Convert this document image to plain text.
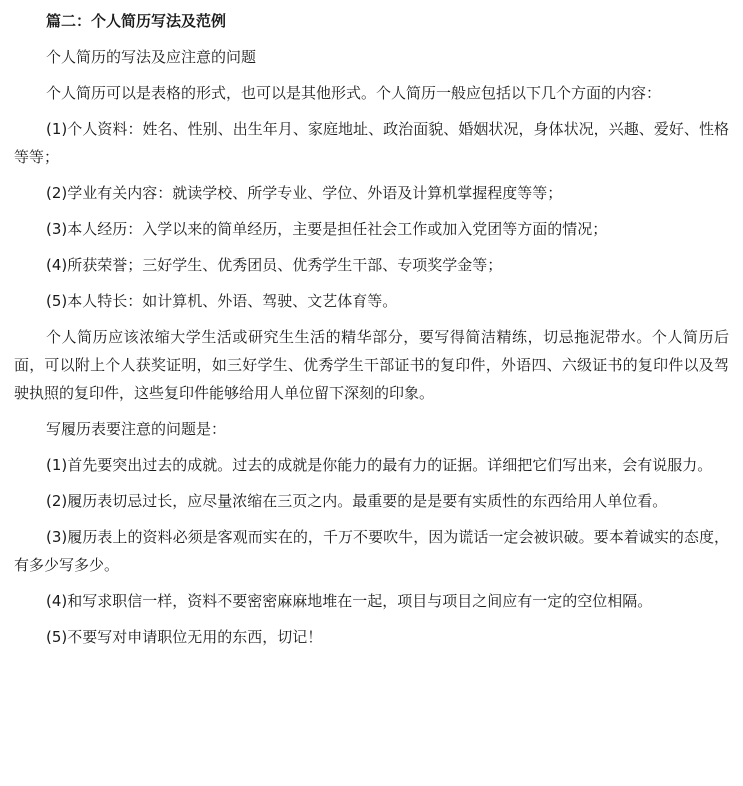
篇二：个人简历写法及范例

个人简历的写法及应注意的问题

个人简历可以是表格的形式，也可以是其他形式。个人简历一般应包括以下几个方面的内容：

(1)个人资料：姓名、性别、出生年月、家庭地址、政治面貌、婚姻状况，身体状况，兴趣、爱好、性格等等；

(2)学业有关内容：就读学校、所学专业、学位、外语及计算机掌握程度等等；

(3)本人经历：入学以来的简单经历，主要是担任社会工作或加入党团等方面的情况；

(4)所获荣誉；三好学生、优秀团员、优秀学生干部、专项奖学金等；

(5)本人特长：如计算机、外语、驾驶、文艺体育等。

个人简历应该浓缩大学生活或研究生生活的精华部分，要写得简洁精练，切忌拖泥带水。个人简历后面，可以附上个人获奖证明，如三好学生、优秀学生干部证书的复印件，外语四、六级证书的复印件以及驾驶执照的复印件，这些复印件能够给用人单位留下深刻的印象。

写履历表要注意的问题是：

(1)首先要突出过去的成就。过去的成就是你能力的最有力的证据。详细把它们写出来，会有说服力。

(2)履历表切忌过长，应尽量浓缩在三页之内。最重要的是是要有实质性的东西给用人单位看。

(3)履历表上的资料必须是客观而实在的，千万不要吹牛，因为谎话一定会被识破。要本着诚实的态度，有多少写多少。

(4)和写求职信一样，资料不要密密麻麻地堆在一起，项目与项目之间应有一定的空位相隔。

(5)不要写对申请职位无用的东西，切记！
